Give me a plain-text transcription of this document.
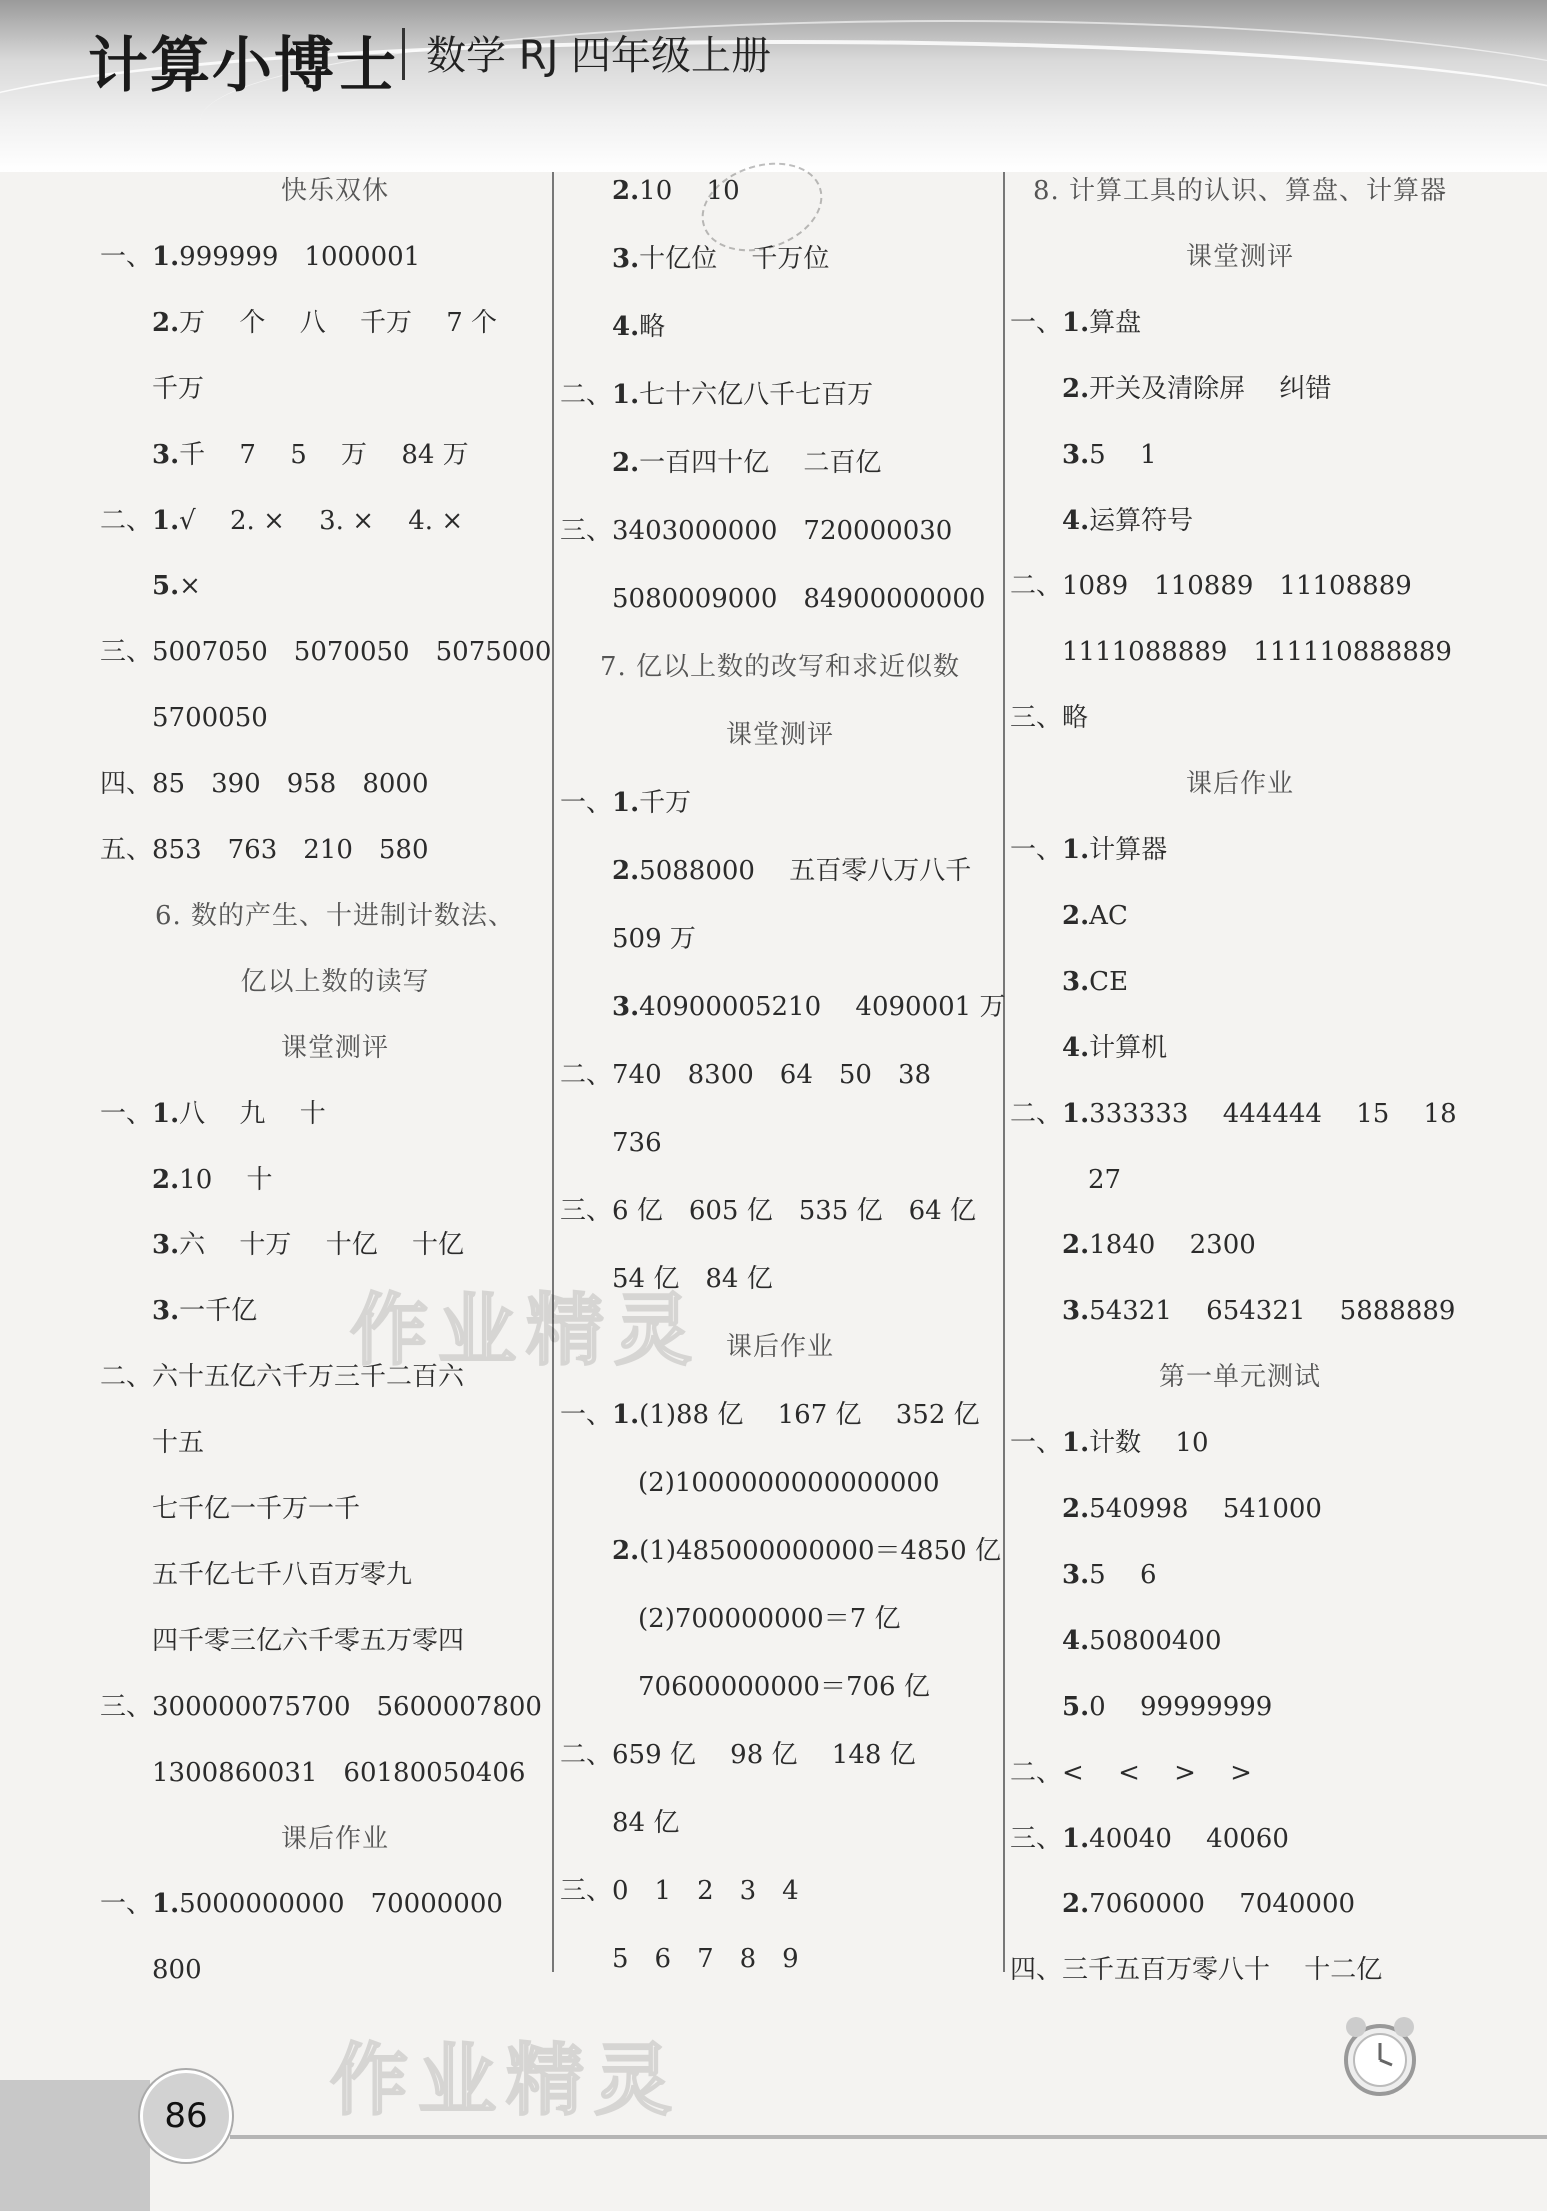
计算小博士 数学 RJ 四年级上册
快乐双休
一、1.999999　1000001
　　2.万　 个 　八 　千万 　7 个
　　千万
　　3.千 　7 　5 　万 　84 万
二、1.√ 　2. × 　3. × 　4. ×
　　5.×
三、5007050　5070050　5075000
　　5700050
四、85　390　958　8000
五、853　763　210　580
6. 数的产生、十进制计数法、
亿以上数的读写
课堂测评
一、1.八 　九 　十
　　2.10 　十
　　3.六 　十万 　十亿 　十亿
　　3.一千亿
二、六十五亿六千万三千二百六
　　十五
　　七千亿一千万一千
　　五千亿七千八百万零九
　　四千零三亿六千零五万零四
三、300000075700　5600007800
　　1300860031　60180050406
课后作业
一、1.5000000000　70000000
　　800
　　2.10 　10
　　3.十亿位 　千万位
　　4.略
二、1.七十六亿八千七百万
　　2.一百四十亿 　二百亿
三、3403000000　720000030
　　5080009000　84900000000
7. 亿以上数的改写和求近似数
课堂测评
一、1.千万
　　2.5088000 　五百零八万八千
　　509 万
　　3.40900005210 　4090001 万
二、740　8300　64　50　38
　　736
三、6 亿　605 亿　535 亿　64 亿
　　54 亿　84 亿
课后作业
一、1.(1)88 亿 　167 亿 　352 亿
　　　(2)1000000000000000
　　2.(1)485000000000＝4850 亿
　　　(2)700000000＝7 亿
　　　70600000000＝706 亿
二、659 亿 　98 亿 　148 亿
　　84 亿
三、0　1　2　3　4
　　5　6　7　8　9
8. 计算工具的认识、算盘、计算器
课堂测评
一、1.算盘
　　2.开关及清除屏 　纠错
　　3.5 　1
　　4.运算符号
二、1089　110889　11108889
　　1111088889　111110888889
三、略
课后作业
一、1.计算器
　　2.AC
　　3.CE
　　4.计算机
二、1.333333 　444444 　15 　18
　　　27
　　2.1840 　2300
　　3.54321 　654321 　5888889
第一单元测试
一、1.计数 　10
　　2.540998 　541000
　　3.5 　6
　　4.50800400
　　5.0 　99999999
二、< 　< 　> 　>
三、1.40040 　40060
　　2.7060000 　7040000
四、三千五百万零八十 　十二亿
作业精灵
作业精灵
86
